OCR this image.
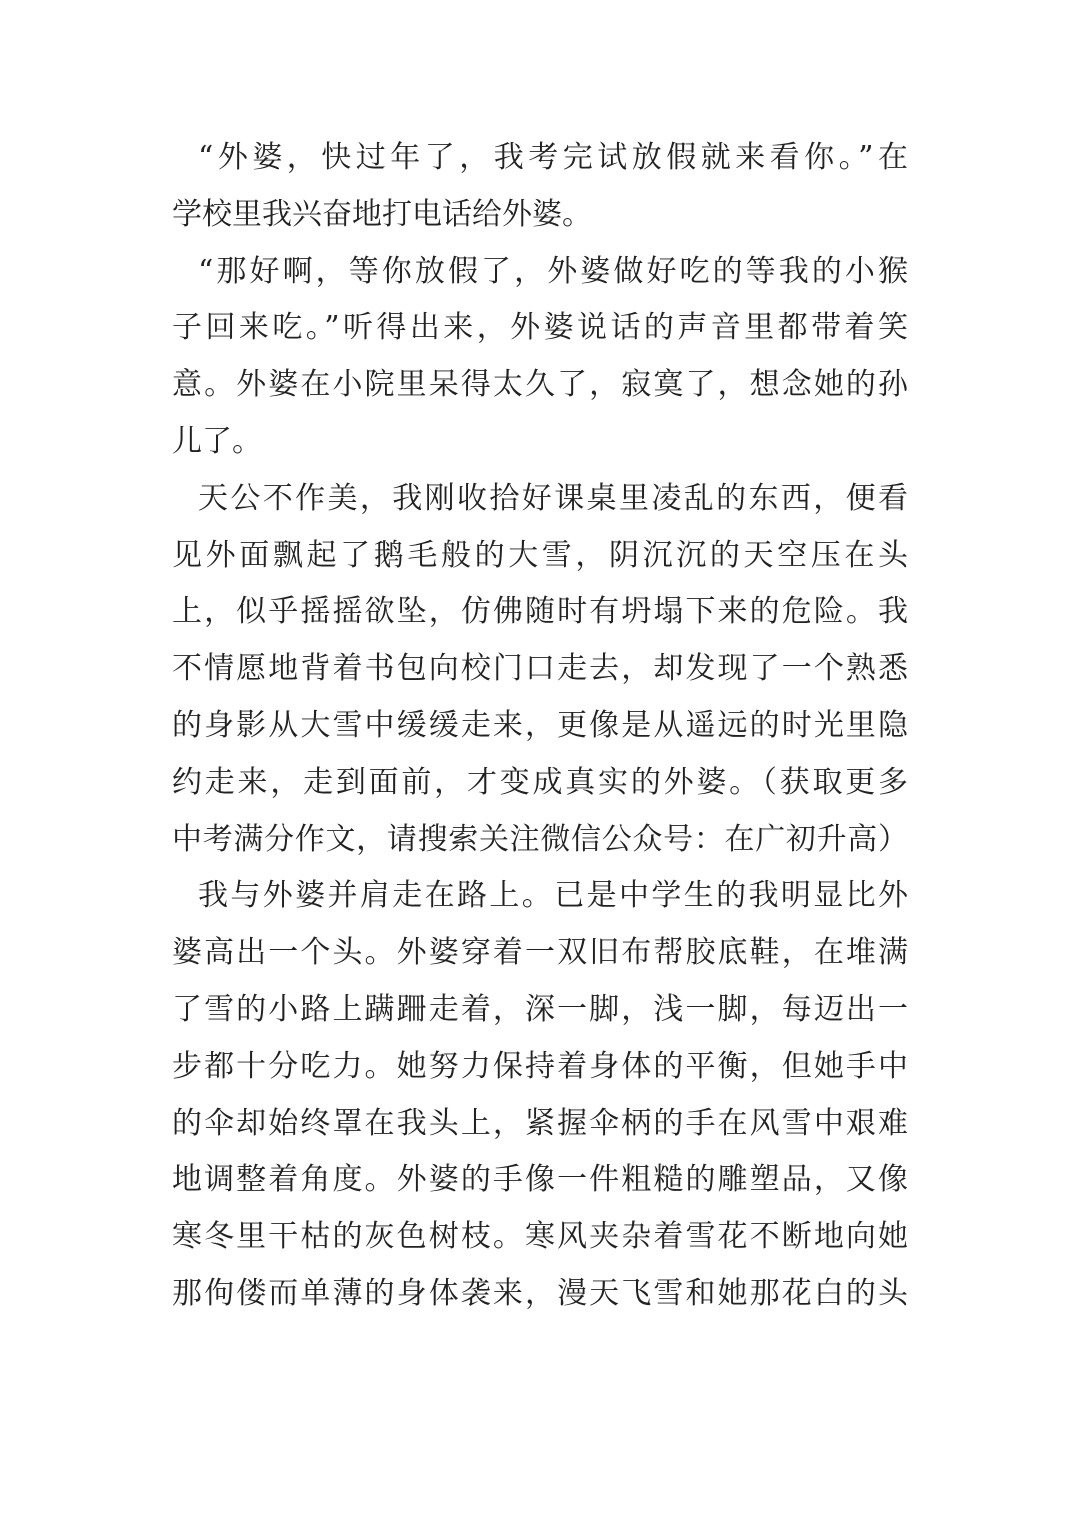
“外婆，快过年了，我考完试放假就来看你。”在
学校里我兴奋地打电话给外婆。
“那好啊，等你放假了，外婆做好吃的等我的小猴
子回来吃。”听得出来，外婆说话的声音里都带着笑
意。外婆在小院里呆得太久了，寂寞了，想念她的孙
儿了。
天公不作美，我刚收拾好课桌里凌乱的东西，便看
见外面飘起了鹅毛般的大雪，阴沉沉的天空压在头
上，似乎摇摇欲坠，仿佛随时有坍塌下来的危险。我
不情愿地背着书包向校门口走去，却发现了一个熟悉
的身影从大雪中缓缓走来，更像是从遥远的时光里隐
约走来，走到面前，才变成真实的外婆。（获取更多
中考满分作文，请搜索关注微信公众号：在广初升高）
我与外婆并肩走在路上。已是中学生的我明显比外
婆高出一个头。外婆穿着一双旧布帮胶底鞋，在堆满
了雪的小路上蹒跚走着，深一脚，浅一脚，每迈出一
步都十分吃力。她努力保持着身体的平衡，但她手中
的伞却始终罩在我头上，紧握伞柄的手在风雪中艰难
地调整着角度。外婆的手像一件粗糙的雕塑品，又像
寒冬里干枯的灰色树枝。寒风夹杂着雪花不断地向她
那佝偻而单薄的身体袭来，漫天飞雪和她那花白的头
